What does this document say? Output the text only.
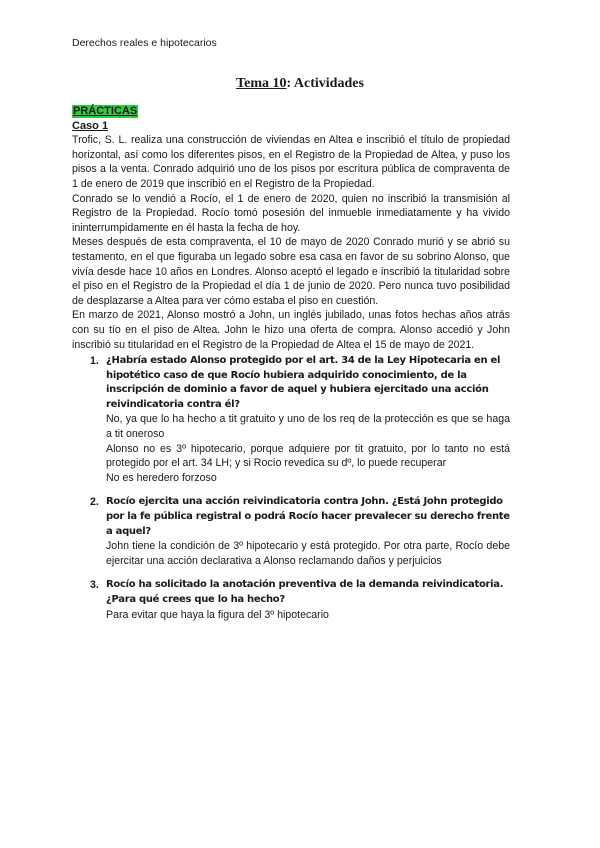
Derechos reales e hipotecarios
Tema 10: Actividades
PRÁCTICAS
Caso 1

Trofic, S. L. realiza una construcción de viviendas en Altea e inscribió el título de propiedad horizontal, así como los diferentes pisos, en el Registro de la Propiedad de Altea, y puso los pisos a la venta. Conrado adquirió uno de los pisos por escritura pública de compraventa de 1 de enero de 2019 que inscribió en el Registro de la Propiedad.

Conrado se lo vendió a Rocío, el 1 de enero de 2020, quien no inscribió la transmisión al Registro de la Propiedad. Rocío tomó posesión del inmueble inmediatamente y ha vivido ininterrumpidamente en él hasta la fecha de hoy.

Meses después de esta compraventa, el 10 de mayo de 2020 Conrado murió y se abrió su testamento, en el que figuraba un legado sobre esa casa en favor de su sobrino Alonso, que vivía desde hace 10 años en Londres. Alonso aceptó el legado e inscribió la titularidad sobre el piso en el Registro de la Propiedad el día 1 de junio de 2020. Pero nunca tuvo posibilidad de desplazarse a Altea para ver cómo estaba el piso en cuestión.

En marzo de 2021, Alonso mostró a John, un inglés jubilado, unas fotos hechas años atrás con su tío en el piso de Altea. John le hizo una oferta de compra. Alonso accedió y John inscribió su titularidad en el Registro de la Propiedad de Altea el 15 de mayo de 2021.

1. ¿Habría estado Alonso protegido por el art. 34 de la Ley Hipotecaria en el hipotético caso de que Rocío hubiera adquirido conocimiento, de la inscripción de dominio a favor de aquel y hubiera ejercitado una acción reivindicatoria contra él?
No, ya que lo ha hecho a tit gratuito y uno de los req de la protección es que se haga a tit oneroso
Alonso no es 3º hipotecario, porque adquiere por tit gratuito, por lo tanto no está protegido por el art. 34 LH; y si Rocío revedica su dº, lo puede recuperar
No es heredero forzoso
2. Rocío ejercita una acción reivindicatoria contra John. ¿Está John protegido por la fe pública registral o podrá Rocío hacer prevalecer su derecho frente a aquel?
John tiene la condición de 3º hipotecario y está protegido. Por otra parte, Rocío debe ejercitar una acción declarativa a Alonso reclamando daños y perjuicios
3. Rocío ha solicitado la anotación preventiva de la demanda reivindicatoria. ¿Para qué crees que lo ha hecho?
Para evitar que haya la figura del 3º hipotecario
